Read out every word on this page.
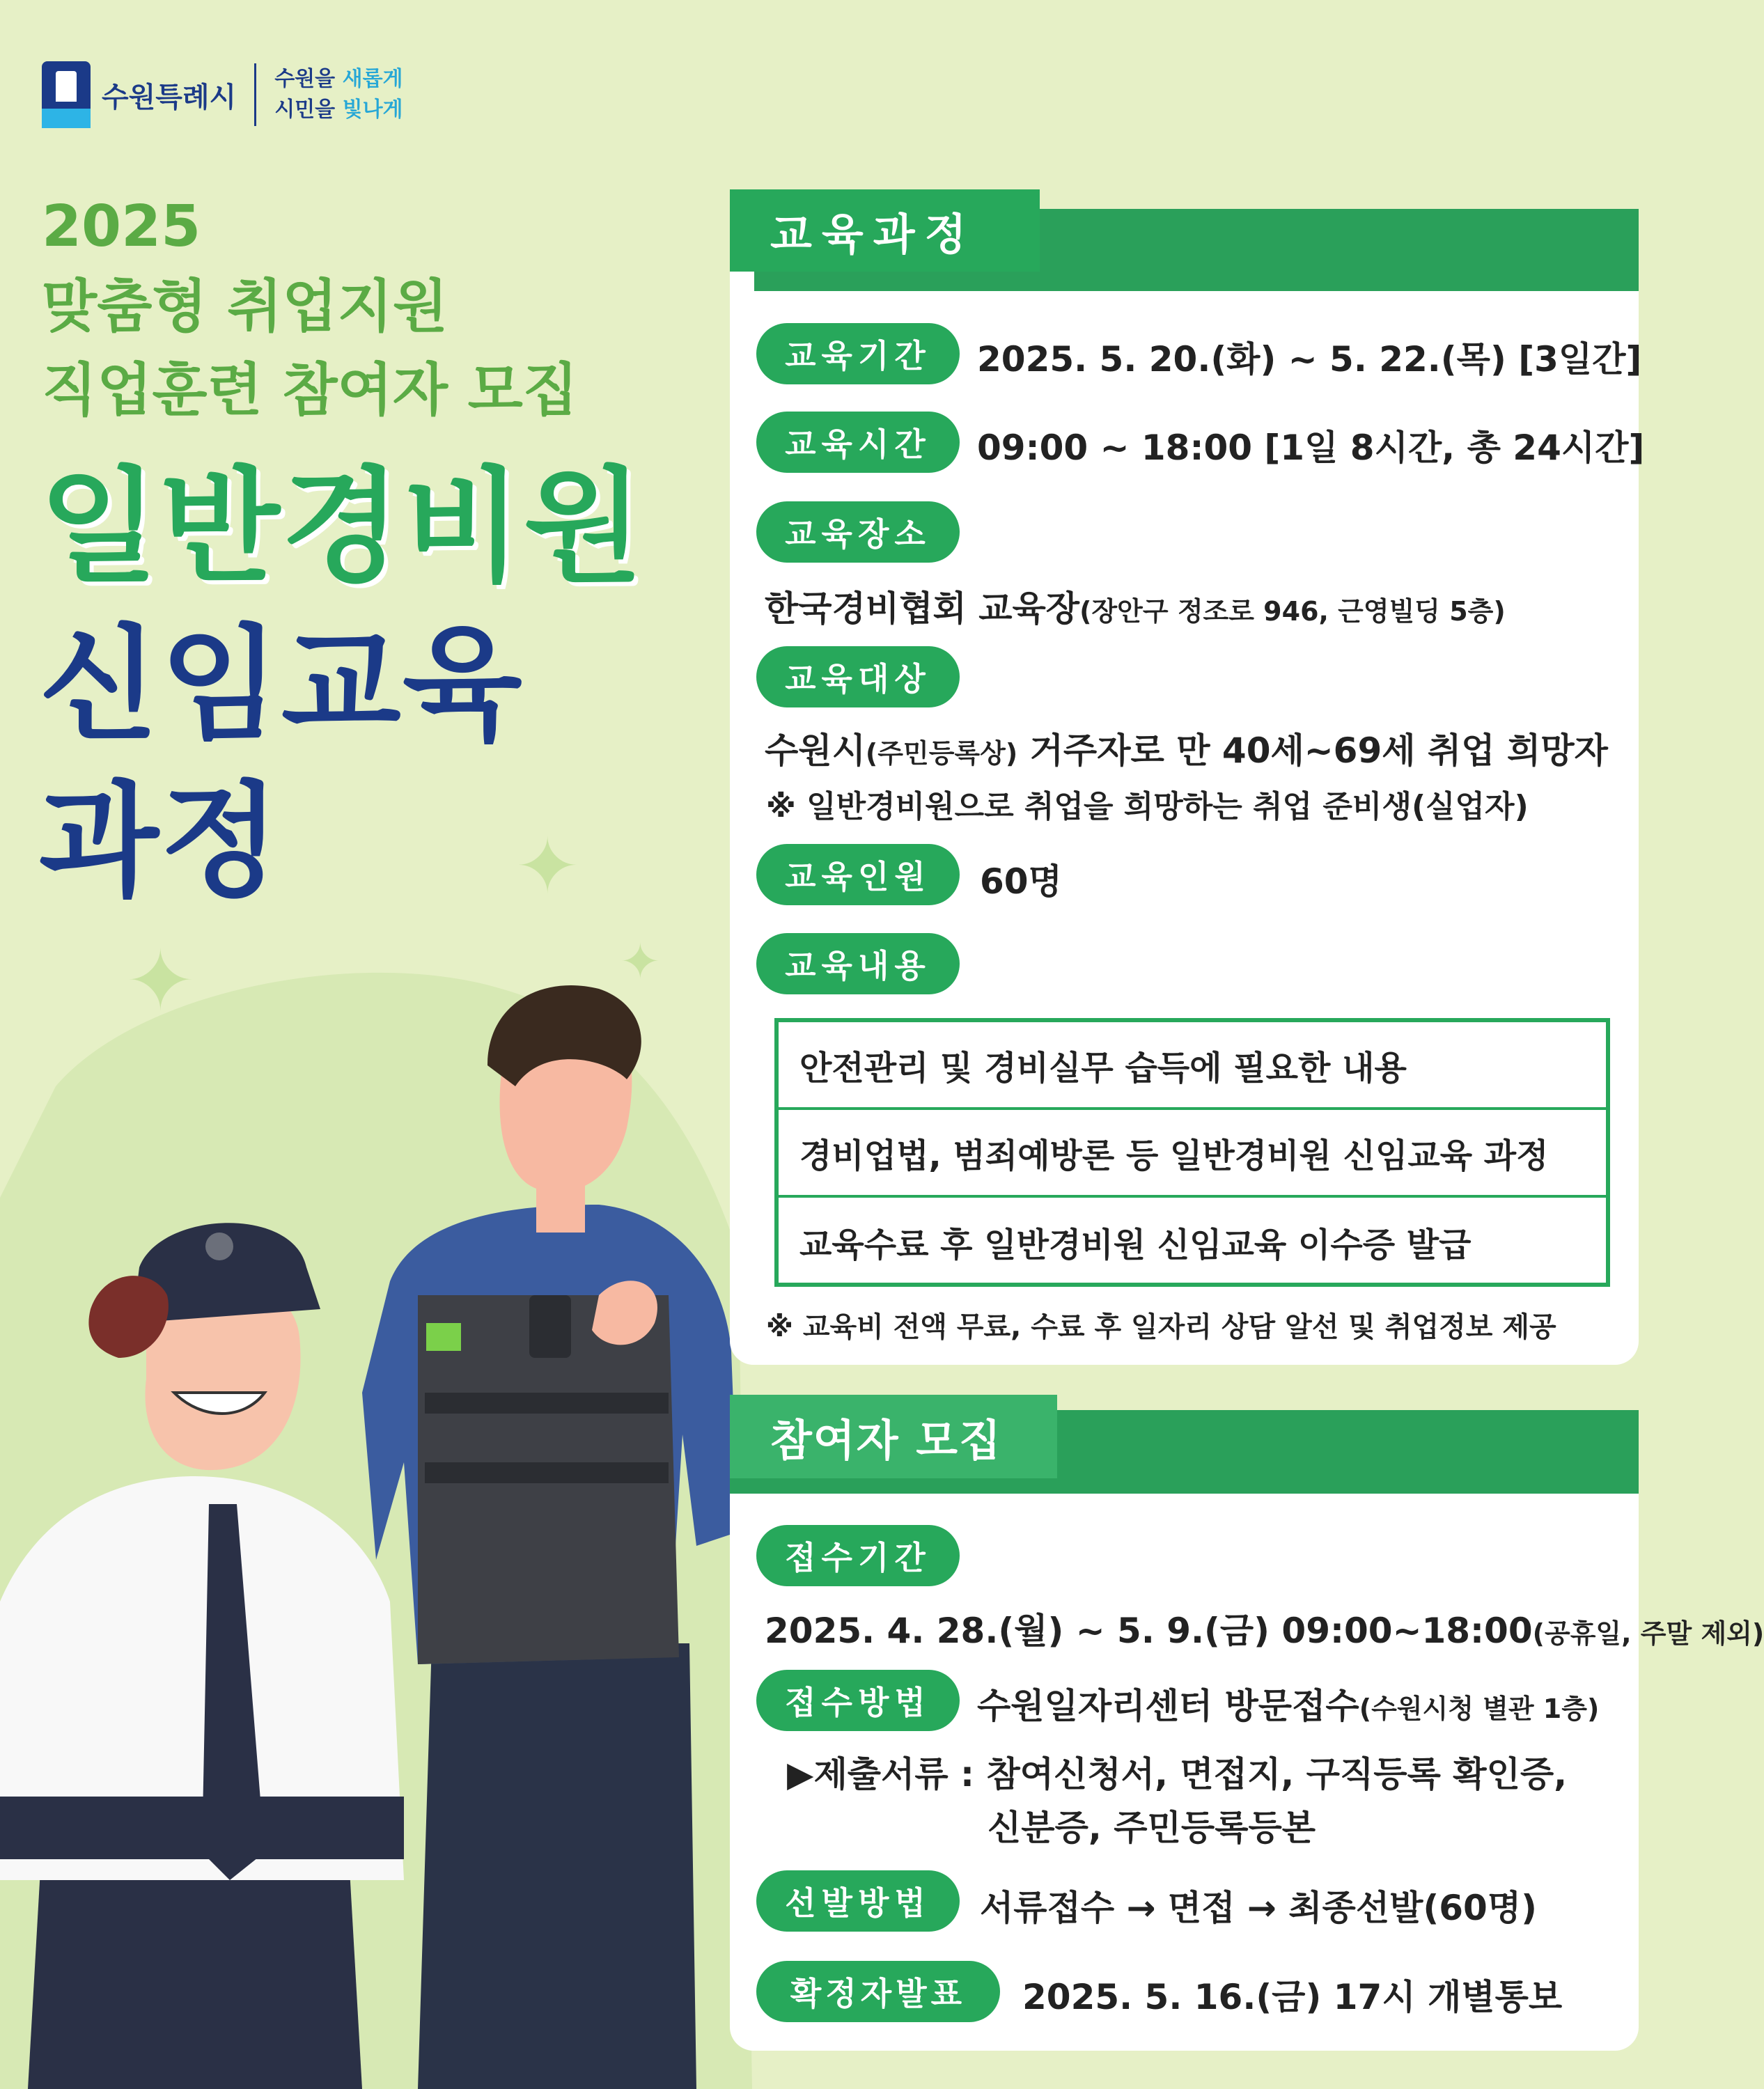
수원특례시
수원을 새롭게
시민을 빛나게
2025
맞춤형 취업지원
직업훈련 참여자 모집
일반경비원
신임교육
과정	✦
✦	✦
교육과정
교육기간	2025. 5. 20.(화) ~ 5. 22.(목) [3일간]
교육시간	09:00 ~ 18:00 [1일 8시간, 총 24시간]
교육장소
한국경비협회 교육장(장안구 정조로 946, 근영빌딩 5층)
교육대상
수원시(주민등록상) 거주자로 만 40세~69세 취업 희망자
※ 일반경비원으로 취업을 희망하는 취업 준비생(실업자)
교육인원	60명
교육내용
안전관리 및 경비실무 습득에 필요한 내용
경비업법, 범죄예방론 등 일반경비원 신임교육 과정
교육수료 후 일반경비원 신임교육 이수증 발급
※ 교육비 전액 무료, 수료 후 일자리 상담 알선 및 취업정보 제공
참여자 모집
접수기간
2025. 4. 28.(월) ~ 5. 9.(금) 09:00~18:00(공휴일, 주말 제외)
접수방법	수원일자리센터 방문접수(수원시청 별관 1층)
▶제출서류 : 참여신청서, 면접지, 구직등록 확인증,
신분증, 주민등록등본
선발방법	서류접수 → 면접 → 최종선발(60명)
확정자발표	2025. 5. 16.(금) 17시 개별통보
